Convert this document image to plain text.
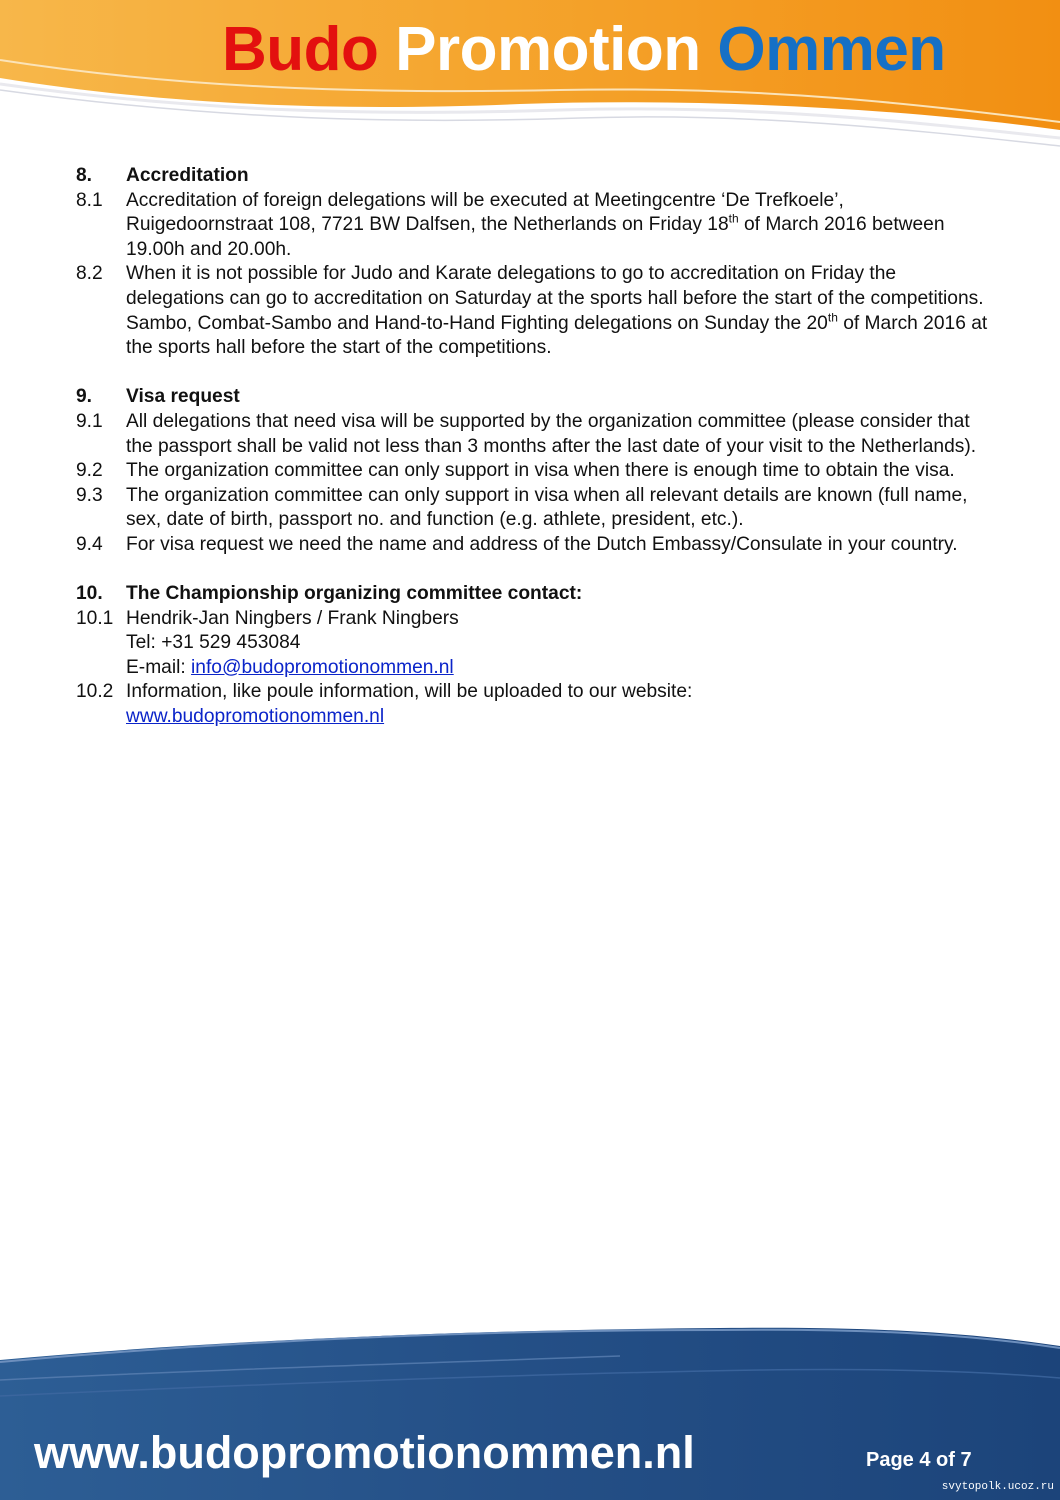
Budo Promotion Ommen
8.	Accreditation
8.1	Accreditation of foreign delegations will be executed at Meetingcentre ‘De Trefkoele’, Ruigedoornstraat 108, 7721 BW Dalfsen, the Netherlands on Friday 18th of March 2016 between 19.00h and 20.00h.
8.2	When it is not possible for Judo and Karate delegations to go to accreditation on Friday the delegations can go to accreditation on Saturday at the sports hall before the start of the competitions. Sambo, Combat-Sambo and Hand-to-Hand Fighting delegations on Sunday the 20th of March 2016 at the sports hall before the start of the competitions.
9.	Visa request
9.1	All delegations that need visa will be supported by the organization committee (please consider that the passport shall be valid not less than 3 months after the last date of your visit to the Netherlands).
9.2	The organization committee can only support in visa when there is enough time to obtain the visa.
9.3	The organization committee can only support in visa when all relevant details are known (full name, sex, date of birth, passport no. and function (e.g. athlete, president, etc.).
9.4	For visa request we need the name and address of the Dutch Embassy/Consulate in your country.
10.	The Championship organizing committee contact:
10.1 Hendrik-Jan Ningbers / Frank Ningbers
Tel: +31 529 453084
E-mail: info@budopromotionommen.nl
10.2 Information, like poule information, will be uploaded to our website:
www.budopromotionommen.nl
www.budopromotionommen.nl	Page 4 of 7
svytopolk.ucoz.ru
